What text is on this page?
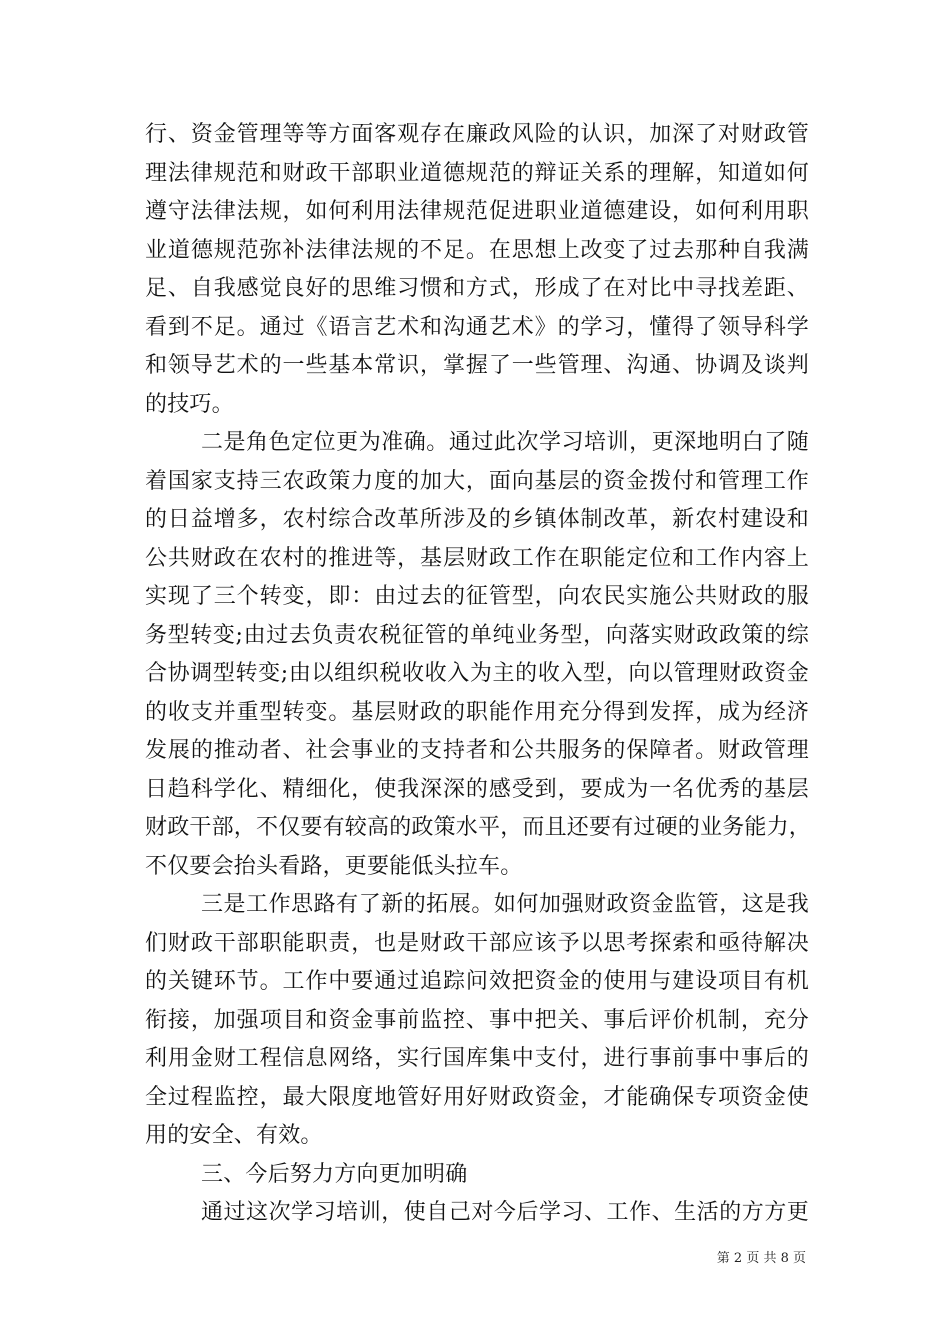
行、资金管理等等方面客观存在廉政风险的认识，加深了对财政管
理法律规范和财政干部职业道德规范的辩证关系的理解，知道如何
遵守法律法规，如何利用法律规范促进职业道德建设，如何利用职
业道德规范弥补法律法规的不足。在思想上改变了过去那种自我满
足、自我感觉良好的思维习惯和方式，形成了在对比中寻找差距、
看到不足。通过《语言艺术和沟通艺术》的学习，懂得了领导科学
和领导艺术的一些基本常识，掌握了一些管理、沟通、协调及谈判
的技巧。
二是角色定位更为准确。通过此次学习培训，更深地明白了随
着国家支持三农政策力度的加大，面向基层的资金拨付和管理工作
的日益增多，农村综合改革所涉及的乡镇体制改革，新农村建设和
公共财政在农村的推进等，基层财政工作在职能定位和工作内容上
实现了三个转变，即：由过去的征管型，向农民实施公共财政的服
务型转变;由过去负责农税征管的单纯业务型，向落实财政政策的综
合协调型转变;由以组织税收收入为主的收入型，向以管理财政资金
的收支并重型转变。基层财政的职能作用充分得到发挥，成为经济
发展的推动者、社会事业的支持者和公共服务的保障者。财政管理
日趋科学化、精细化，使我深深的感受到，要成为一名优秀的基层
财政干部，不仅要有较高的政策水平，而且还要有过硬的业务能力，
不仅要会抬头看路，更要能低头拉车。
三是工作思路有了新的拓展。如何加强财政资金监管，这是我
们财政干部职能职责，也是财政干部应该予以思考探索和亟待解决
的关键环节。工作中要通过追踪问效把资金的使用与建设项目有机
衔接，加强项目和资金事前监控、事中把关、事后评价机制，充分
利用金财工程信息网络，实行国库集中支付，进行事前事中事后的
全过程监控，最大限度地管好用好财政资金，才能确保专项资金使
用的安全、有效。
三、今后努力方向更加明确
通过这次学习培训，使自己对今后学习、工作、生活的方方更
第 2 页 共 8 页
